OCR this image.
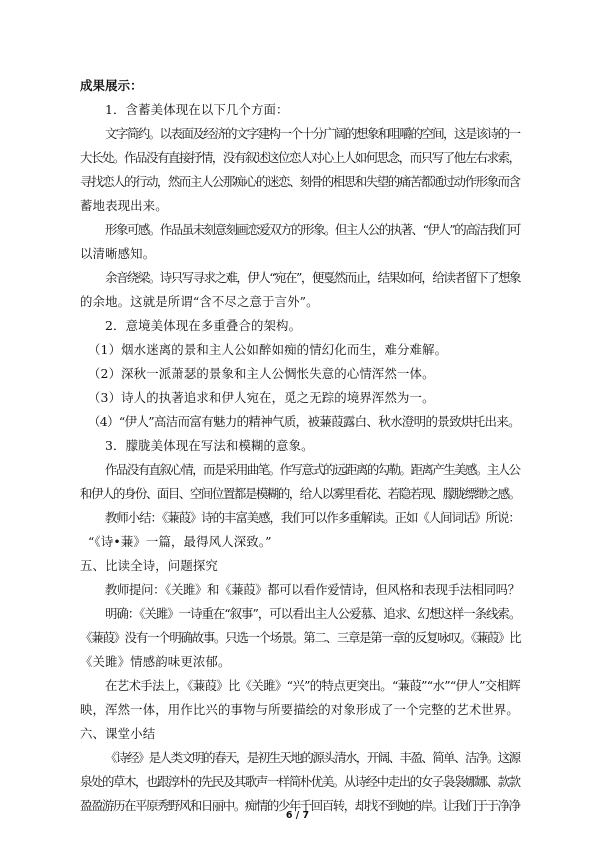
成果展示：
1．含蓄美体现在以下几个方面：
文字简约。以表面及经济的文字建构一个十分广阔的想象和咀嚼的空间，这是该诗的一
大长处。作品没有直接抒情，没有叙述这位恋人对心上人如何思念，而只写了他左右求索，
寻找恋人的行动，然而主人公那痴心的迷恋、刻骨的相思和失望的痛苦都通过动作形象而含
蓄地表现出来。
形象可感。作品虽未刻意刻画恋爱双方的形象。但主人公的执著、“伊人”的高洁我们可
以清晰感知。
余音绕梁。诗只写寻求之难，伊人“宛在”，便戛然而止，结果如何，给读者留下了想象
的余地。这就是所谓“含不尽之意于言外”。
2．意境美体现在多重叠合的架构。
（1）烟水迷离的景和主人公如醉如痴的情幻化而生，难分难解。
（2）深秋一派萧瑟的景象和主人公惆怅失意的心情浑然一体。
（3）诗人的执著追求和伊人宛在，觅之无踪的境界浑然为一。
（4）“伊人”高洁而富有魅力的精神气质，被蒹葭露白、秋水澄明的景致烘托出来。
3．朦胧美体现在写法和模糊的意象。
作品没有直叙心情，而是采用曲笔。作写意式的远距离的勾勒。距离产生美感。主人公
和伊人的身份、面目、空间位置都是模糊的，给人以雾里看花、若隐若现、朦胧缥缈之感。
教师小结：《蒹葭》诗的丰富美感，我们可以作多重解读。正如《人间词话》所说：
“《诗•蒹》一篇，最得风人深致。”
五、比读全诗，问题探究
教师提问：《关雎》和《蒹葭》都可以看作爱情诗，但风格和表现手法相同吗？
明确：《关雎》一诗重在“叙事”，可以看出主人公爱慕、追求、幻想这样一条线索。
《蒹葭》没有一个明确故事。只选一个场景。第二、三章是第一章的反复咏叹。《蒹葭》比
《关雎》情感韵味更浓郁。
在艺术手法上，《蒹葭》比《关雎》“兴”的特点更突出。“蒹葭”“水”“伊人”交相辉
映，浑然一体，用作比兴的事物与所要描绘的对象形成了一个完整的艺术世界。
六、课堂小结
《诗经》是人类文明的春天，是初生天地的源头清水，开阔、丰盈、简单、洁净。这源
泉处的草木，也跟淳朴的先民及其歌声一样简朴优美。从诗经中走出的女子袅袅娜娜、款款
盈盈游历在平原秀野风和日丽中。痴情的少年千回百转，却找不到她的岸。让我们于于净净
6 / 7
